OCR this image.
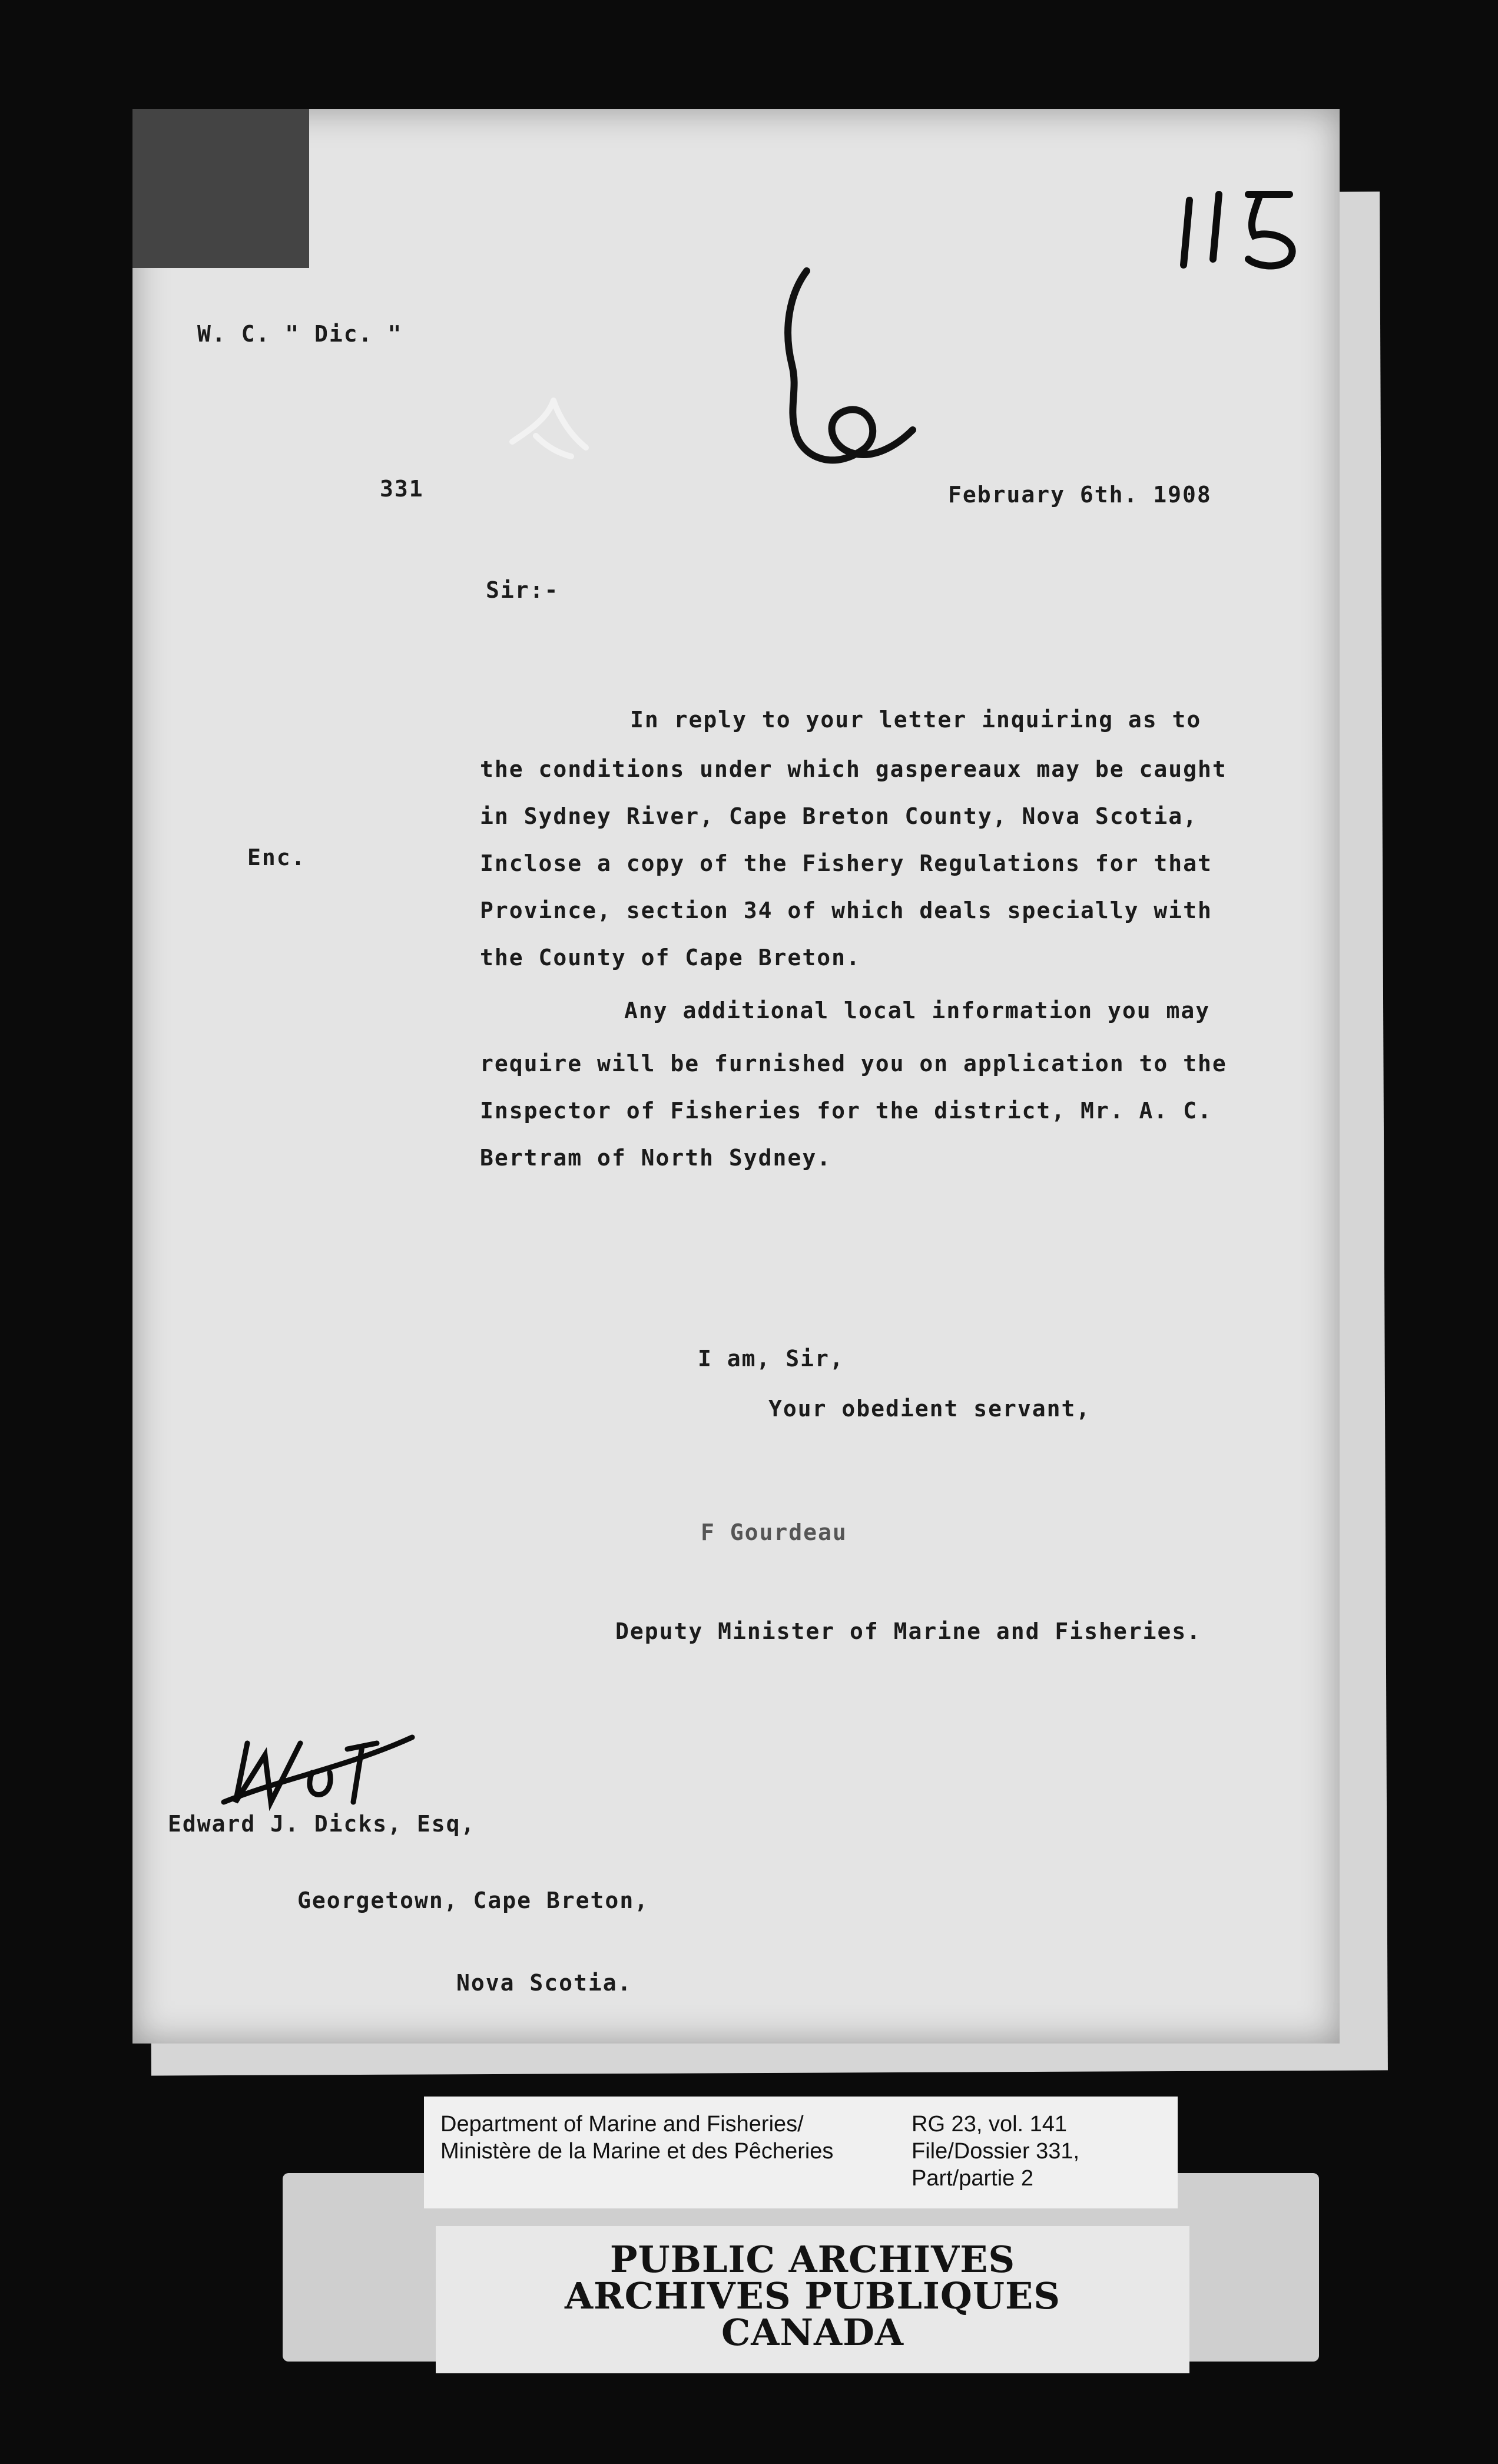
W. C. " Dic. "
331	February 6th. 1908
Sir:-
Enc.
In reply to your letter inquiring as to
the conditions under which gaspereaux may be caught
in Sydney River, Cape Breton County, Nova Scotia,
Inclose a copy of the Fishery Regulations for that
Province, section 34 of which deals specially with
the County of Cape Breton.
Any additional local information you may
require will be furnished you on application to the
Inspector of Fisheries for the district, Mr. A. C.
Bertram of North Sydney.
I am, Sir,
Your obedient servant,
F Gourdeau
Deputy Minister of Marine and Fisheries.
Edward J. Dicks, Esq,
Georgetown, Cape Breton,
Nova Scotia.
Department of Marine and Fisheries/
Ministère de la Marine et des Pêcheries
RG 23, vol. 141
File/Dossier 331,
Part/partie 2
PUBLIC ARCHIVES
ARCHIVES PUBLIQUES
CANADA
